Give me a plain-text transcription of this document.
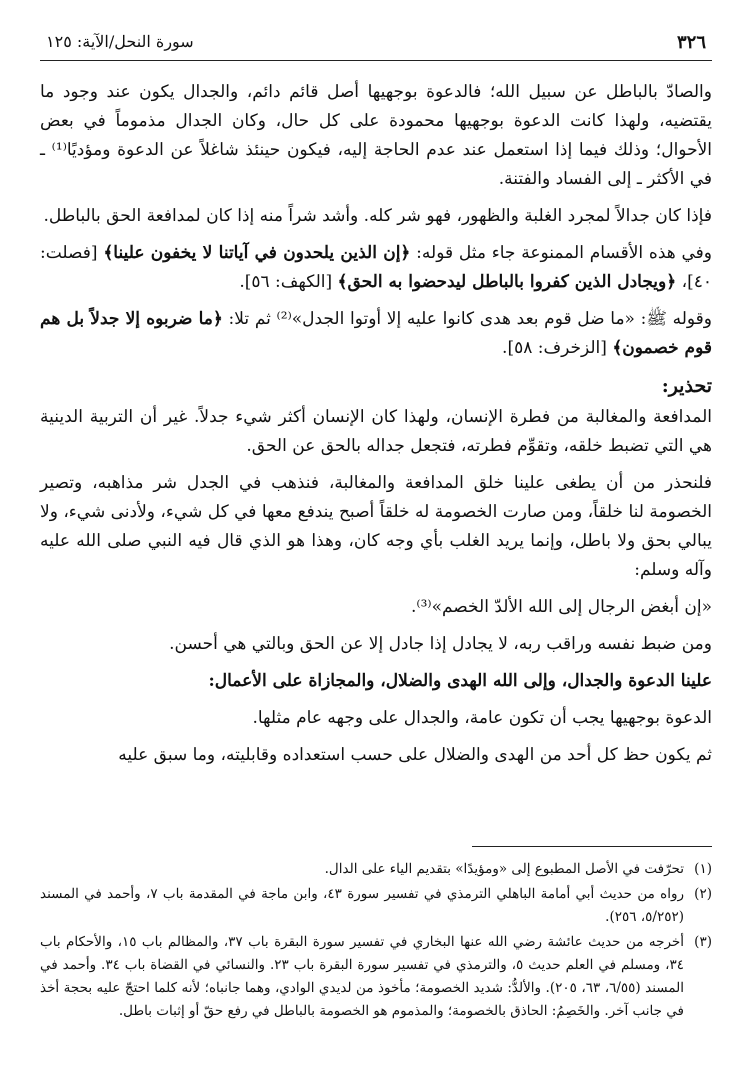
٣٢٦
سورة النحل/الآية: ١٢٥

والصادّ بالباطل عن سبيل الله؛ فالدعوة بوجهيها أصل قائم دائم، والجدال يكون عند وجود ما يقتضيه، ولهذا كانت الدعوة بوجهيها محمودة على كل حال، وكان الجدال مذموماً في بعض الأحوال؛ وذلك فيما إذا استعمل عند عدم الحاجة إليه، فيكون حينئذ شاغلاً عن الدعوة ومؤديًا⁽¹⁾ ـ في الأكثر ـ إلى الفساد والفتنة.

فإذا كان جدالاً لمجرد الغلبة والظهور، فهو شر كله. وأشد شراً منه إذا كان لمدافعة الحق بالباطل.

وفي هذه الأقسام الممنوعة جاء مثل قوله: ﴿إن الذين يلحدون في آياتنا لا يخفون علينا﴾ [فصلت: ٤٠]، ﴿ويجادل الذين كفروا بالباطل ليدحضوا به الحق﴾ [الكهف: ٥٦].

وقوله ﷺ: «ما ضل قوم بعد هدى كانوا عليه إلا أوتوا الجدل»⁽²⁾ ثم تلا: ﴿ما ضربوه إلا جدلاً بل هم قوم خصمون﴾ [الزخرف: ٥٨].

تحذير:

المدافعة والمغالبة من فطرة الإنسان، ولهذا كان الإنسان أكثر شيء جدلاً. غير أن التربية الدينية هي التي تضبط خلقه، وتقوِّم فطرته، فتجعل جداله بالحق عن الحق.

فلنحذر من أن يطغى علينا خلق المدافعة والمغالبة، فنذهب في الجدل شر مذاهبه، وتصير الخصومة لنا خلقاً، ومن صارت الخصومة له خلقاً أصبح يندفع معها في كل شيء، ولأدنى شيء، ولا يبالي بحق ولا باطل، وإنما يريد الغلب بأي وجه كان، وهذا هو الذي قال فيه النبي صلى الله عليه وآله وسلم:

«إن أبغض الرجال إلى الله الألدّ الخصم»⁽³⁾.

ومن ضبط نفسه وراقب ربه، لا يجادل إذا جادل إلا عن الحق وبالتي هي أحسن.

علينا الدعوة والجدال، وإلى الله الهدى والضلال، والمجازاة على الأعمال:

الدعوة بوجهيها يجب أن تكون عامة، والجدال على وجهه عام مثلها.

ثم يكون حظ كل أحد من الهدى والضلال على حسب استعداده وقابليته، وما سبق عليه

(١)
تحرّفت في الأصل المطبوع إلى «ومؤيدًا» بتقديم الياء على الدال.
(٢)
رواه من حديث أبي أمامة الباهلي الترمذي في تفسير سورة ٤٣، وابن ماجة في المقدمة باب ٧، وأحمد في المسند (٥/٢٥٢، ٢٥٦).
(٣)
أخرجه من حديث عائشة رضي الله عنها البخاري في تفسير سورة البقرة باب ٣٧، والمظالم باب ١٥، والأحكام باب ٣٤، ومسلم في العلم حديث ٥، والترمذي في تفسير سورة البقرة باب ٢٣. والنسائي في القضاة باب ٣٤. وأحمد في المسند (٦/٥٥، ٦٣، ٢٠٥). والألدُّ: شديد الخصومة؛ مأخوذ من لديدي الوادي، وهما جانباه؛ لأنه كلما احتجّ عليه بحجة أخذ في جانب آخر. والخَصِمُ: الحاذق بالخصومة؛ والمذموم هو الخصومة بالباطل في رفع حقّ أو إثبات باطل.
